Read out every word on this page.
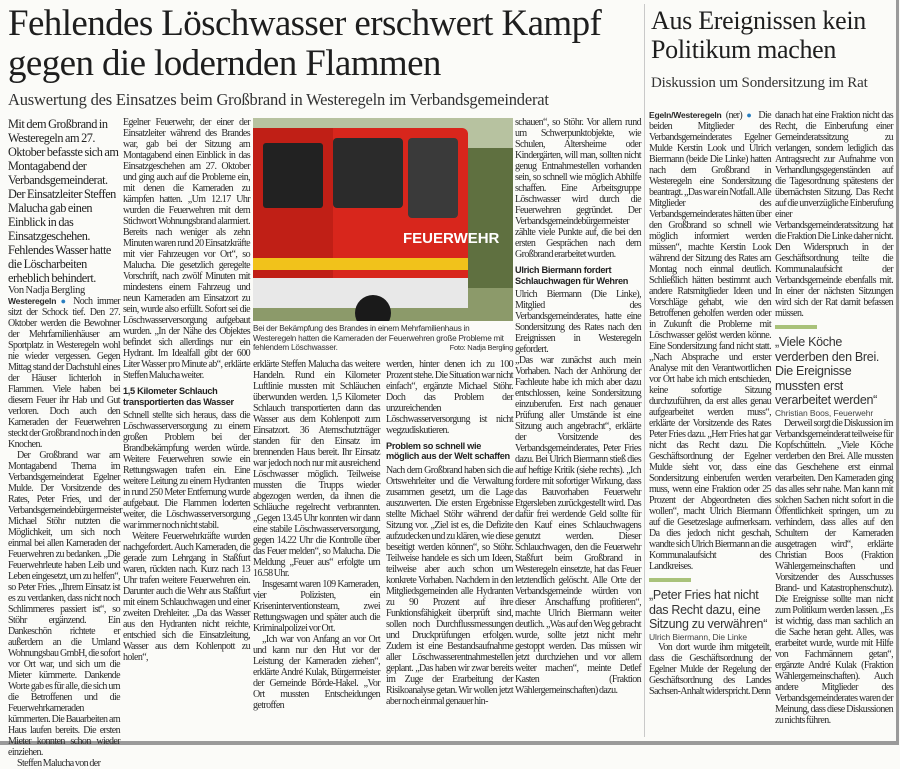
Fehlendes Löschwasser erschwert Kampf gegen die lodernden Flammen
Auswertung des Einsatzes beim Großbrand in Westeregeln im Verbandsgemeinderat

Mit dem Großbrand in Westeregeln am 27. Oktober befasste sich am Montagabend der Verbandsgemeinderat. Der Einsatzleiter Steffen Malucha gab einen Einblick in das Einsatzgeschehen. Fehlendes Wasser hatte die Löscharbeiten erheblich behindert.

Von Nadja Bergling

Westeregeln ● Noch immer sitzt der Schock tief. Den 27. Oktober werden die Bewohner der Mehrfamilienhäuser am Sportplatz in Westeregeln wohl nie wieder vergessen. Gegen Mittag stand der Dachstuhl eines der Häuser lichterloh in Flammen. Viele haben bei diesem Feuer ihr Hab und Gut verloren. Doch auch den Kameraden der Feuerwehren steckt der Großbrand noch in den Knochen.

Der Großbrand war am Montagabend Thema im Verbandsgemeinderat Egelner Mulde. Der Vorsitzende des Rates, Peter Fries, und der Verbandsgemeindebürgermeister Michael Stöhr nutzten die Möglichkeit, um sich noch einmal bei allen Kameraden der Feuerwehren zu bedanken. „Die Feuerwehrleute haben Leib und Leben eingesetzt, um zu helfen“, so Peter Fries. „Ihrem Einsatz ist es zu verdanken, dass nicht noch Schlimmeres passiert ist“, so Stöhr ergänzend. Ein Dankeschön richtete er außerdem an die Umland Wohnungsbau GmbH, die sofort vor Ort war, und sich um die Mieter kümmerte. Dankende Worte gab es für alle, die sich um die Betroffenen und die Feuerwehrkameraden kümmerten. Die Bauarbeiten am Haus laufen bereits. Die ersten Mieter konnten schon wieder einziehen.

Steffen Malucha von der

Egelner Feuerwehr, der einer der Einsatzleiter während des Brandes war, gab bei der Sitzung am Montagabend einen Einblick in das Einsatzgeschehen am 27. Oktober und ging auch auf die Probleme ein, mit denen die Kameraden zu kämpfen hatten. „Um 12.17 Uhr wurden die Feuerwehren mit dem Stichwort Wohnungsbrand alarmiert. Bereits nach weniger als zehn Minuten waren rund 20 Einsatzkräfte mit vier Fahrzeugen vor Ort“, so Malucha. Die gesetzlich geregelte Vorschrift, nach zwölf Minuten mit mindestens einem Fahrzeug und neun Kameraden am Einsatzort zu sein, wurde also erfüllt. Sofort sei die Löschwasserversorgung aufgebaut wurden. „In der Nähe des Objektes befindet sich allerdings nur ein Hydrant. Im Idealfall gibt der 600 Liter Wasser pro Minute ab“, erklärte Steffen Malucha weiter.

1,5 Kilometer Schlauch transportierten das Wasser

Schnell stellte sich heraus, dass die Löschwasserversorgung zu einem großen Problem bei der Brandbekämpfung werden würde. Weitere Feuerwehren sowie ein Rettungswagen trafen ein. Eine weitere Leitung zu einem Hydranten in rund 250 Meter Entfernung wurde aufgebaut. Die Flammen loderten weiter, die Löschwasserversorgung war immer noch nicht stabil.

Weitere Feuerwehrkräfte wurden nachgefordert. Auch Kameraden, die gerade zum Lehrgang in Staßfurt waren, rückten nach. Kurz nach 13 Uhr trafen weitere Feuerwehren ein. Darunter auch die Wehr aus Staßfurt mit einem Schlauchwagen und einer zweiten Drehleiter. „Da das Wasser aus den Hydranten nicht reichte, entschied sich die Einsatzleitung, Wasser aus dem Kohlenpott zu holen“,

FEUERWEHR
Bei der Bekämpfung des Brandes in einem Mehrfamilienhaus in Westeregeln hatten die Kameraden der Feuerwehren große Probleme mit fehlendem Löschwasser.	Foto: Nadja Bergling

erklärte Steffen Malucha das weitere Handeln. Rund ein Kilometer Luftlinie mussten mit Schläuchen überwunden werden. 1,5 Kilometer Schlauch transportierten dann das Wasser aus dem Kohlenpott zum Einsatzort. 36 Atemschutzträger standen für den Einsatz im brennenden Haus bereit. Ihr Einsatz war jedoch noch nur mit ausreichend Löschwasser möglich. Teilweise mussten die Trupps wieder abgezogen werden, da ihnen die Schläuche regelrecht verbrannten. „Gegen 13.45 Uhr konnten wir dann eine stabile Löschwasserversorgung, gegen 14.22 Uhr die Kontrolle über das Feuer melden“, so Malucha. Die Meldung „Feuer aus“ erfolgte um 16.58 Uhr.

Insgesamt waren 109 Kameraden, vier Polizisten, ein Kriseninterventionsteam, zwei Rettungswagen und später auch die Kriminalpolizei vor Ort.

„Ich war von Anfang an vor Ort und kann nur den Hut vor der Leistung der Kameraden ziehen“, erklärte André Kulak, Bürgermeister der Gemeinde Börde-Hakel. „Vor Ort mussten Entscheidungen getroffen

werden, hinter denen ich zu 100 Prozent stehe. Die Situation war nicht einfach“, ergänzte Michael Stöhr. Doch das Problem der unzureichenden Löschwasserversorgung ist nicht wegzudiskutieren.

Problem so schnell wie möglich aus der Welt schaffen

Nach dem Großbrand haben sich die Ortswehrleiter und die Verwaltung zusammen gesetzt, um die Lage auszuwerten. Die ersten Ergebnisse stellte Michael Stöhr während der Sitzung vor. „Ziel ist es, die Defizite aufzudecken und zu klären, wie diese beseitigt werden können“, so Stöhr. Teilweise handele es sich um Ideen, teilweise aber auch schon um konkrete Vorhaben. Nachdem in den Mitgliedsgemeinden alle Hydranten zu 90 Prozent auf ihre Funktionsfähigkeit überprüft sind, sollen noch Durchflussmessungen und Druckprüfungen erfolgen. Zudem ist eine Bestandsaufnahme aller Löschwasserentnahmestellen geplant. „Das haben wir zwar bereits im Zuge der Erarbeitung der Risikoanalyse getan. Wir wollen jetzt aber noch einmal genauer hin-

schauen“, so Stöhr. Vor allem rund um Schwerpunktobjekte, wie Schulen, Altersheime oder Kindergärten, will man, sollten nicht genug Entnahmestellen vorhanden sein, so schnell wie möglich Abhilfe schaffen. Eine Arbeitsgruppe Löschwasser wird durch die Feuerwehren gegründet. Der Verbandsgemeindebürgermeister zählte viele Punkte auf, die bei den ersten Gesprächen nach dem Großbrand erarbeitet wurden.

Ulrich Biermann fordert Schlauchwagen für Wehren

Ulrich Biermann (Die Linke), Mitglied des Verbandsgemeinderates, hatte eine Sondersitzung des Rates nach den Ereignissen in Westeregeln gefordert.

„Das war zunächst auch mein Vorhaben. Nach der Anhörung der Fachleute habe ich mich aber dazu entschlossen, keine Sondersitzung einzuberufen. Erst nach genauer Prüfung aller Umstände ist eine Sitzung auch angebracht“, erklärte der Vorsitzende des Verbandsgemeinderates, Peter Fries dazu. Bei Ulrich Biermann stieß dies auf heftige Kritik (siehe rechts). „Ich fordere mit sofortiger Wirkung, dass das Bauvorhaben Feuerwehr Etgersleben zurückgestellt wird. Das dafür frei werdende Geld sollte für den Kauf eines Schlauchwagens genutzt werden. Dieser Schlauchwagen, den die Feuerwehr Staßfurt beim Großbrand in Westeregeln einsetzte, hat das Feuer letztendlich gelöscht. Alle Orte der Verbandsgemeinde würden von dieser Anschaffung profitieren“, machte Ulrich Biermann weiter deutlich. „Was auf den Weg gebracht wurde, sollte jetzt nicht mehr gestoppt werden. Das müssen wir jetzt durchziehen und vor allem weiter machen“, meinte Detlef Kasten (Fraktion Wählergemeinschaften) dazu.

Aus Ereignissen kein Politikum machen
Diskussion um Sondersitzung im Rat

Egeln/Westeregeln (ner) ● Die beiden Mitglieder des Verbandsgemeinderates Egelner Mulde Kerstin Look und Ulrich Biermann (beide Die Linke) hatten nach dem Großbrand in Westeregeln eine Sondersitzung beantragt. „Das war ein Notfall. Alle Mitglieder des Verbandsgemeinderates hätten über den Großbrand so schnell wie möglich informiert werden müssen“, machte Kerstin Look während der Sitzung des Rates am Montag noch einmal deutlich. Schließlich hätten bestimmt auch andere Ratsmitglieder Ideen und Vorschläge gehabt, wie den Betroffenen geholfen werden oder in Zukunft die Probleme mit Löschwasser gelöst werden könne. Eine Sondersitzung fand nicht statt. „Nach Absprache und erster Analyse mit den Verantwortlichen vor Ort habe ich mich entschieden, keine sofortige Sitzung durchzuführen, da erst alles genau aufgearbeitet werden muss“, erklärte der Vorsitzende des Rates Peter Fries dazu. „Herr Fries hat gar nicht das Recht dazu. Die Geschäftsordnung der Egelner Mulde sieht vor, dass eine Sondersitzung einberufen werden muss, wenn eine Fraktion oder 25 Prozent der Abgeordneten dies wollen“, macht Ulrich Biermann auf die Gesetzeslage aufmerksam. Da dies jedoch nicht geschah, wandte sich Ulrich Biermann an die Kommunalaufsicht des Landkreises.

„Peter Fries hat nicht das Recht dazu, eine Sitzung zu verwähren“

Ulrich Biermann, Die Linke

Von dort wurde ihm mitgeteilt, dass die Geschäftsordnung der Egelner Mulde der Regelung der Geschäftsordnung des Landes Sachsen-Anhalt widerspricht. Denn

danach hat eine Fraktion nicht das Recht, die Einberufung einer Gemeinderatssitzung zu verlangen, sondern lediglich das Antragsrecht zur Aufnahme von Verhandlungsgegenständen auf die Tagesordnung spätestens der übernächsten Sitzung. Das Recht auf die unverzügliche Einberufung einer Verbandsgemeinderatssitzung hat die Fraktion Die Linke daher nicht. Den Widerspruch in der Geschäftsordnung teilte die Kommunalaufsicht der Verbandsgemeinde ebenfalls mit. In einer der nächsten Sitzungen wird sich der Rat damit befassen müssen.

„Viele Köche verderben den Brei. Die Ereignisse mussten erst verarbeitet werden“

Christian Boos, Feuerwehr

Derweil sorgt die Diskussion im Verbandsgemeinderat teilweise für Kopfschütteln. „Viele Köche verderben den Brei. Alle mussten das Geschehene erst einmal verarbeiten. Den Kameraden ging das alles sehr nahe. Man kann mit solchen Sachen nicht sofort in die Öffentlichkeit springen, um zu verhindern, dass alles auf den Schultern der Kameraden ausgetragen wird“, erklärte Christian Boos (Fraktion Wählergemeinschaften und Vorsitzender des Ausschusses Brand- und Katastrophenschutz). Die Ereignisse sollte man nicht zum Politikum werden lassen. „Es ist wichtig, dass man sachlich an die Sache heran geht. Alles, was erarbeitet wurde, wurde mit Hilfe von Fachmännern getan“, ergänzte André Kulak (Fraktion Wählergemeinschaften). Auch andere Mitglieder des Verbandsgemeinderates waren der Meinung, dass diese Diskussionen zu nichts führen.
